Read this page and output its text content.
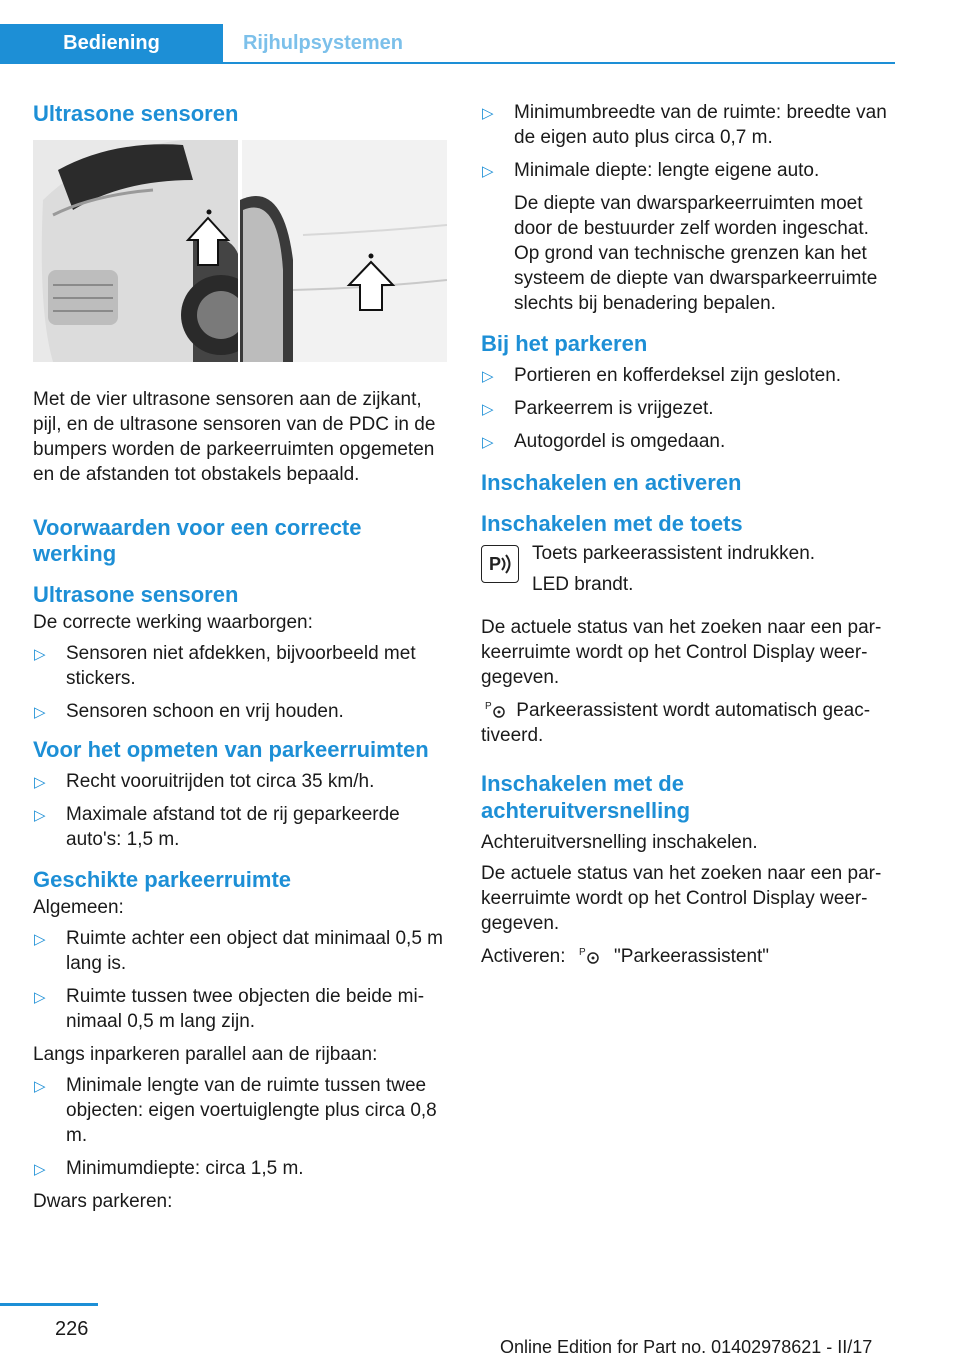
Bediening	Rijhulpsystemen
Ultrasone sensoren

Met de vier ultrasone sensoren aan de zijkant, pijl, en de ultrasone sensoren van de PDC in de bumpers worden de parkeerruimten opgemeten en de afstanden tot obstakels bepaald.

Voorwaarden voor een correcte werking
Ultrasone sensoren

De correcte werking waarborgen:

▷ Sensoren niet afdekken, bijvoorbeeld met stickers.
▷ Sensoren schoon en vrij houden.
Voor het opmeten van parkeerruimten
▷ Recht vooruitrijden tot circa 35 km/h.
▷ Maximale afstand tot de rij geparkeerde auto's: 1,5 m.
Geschikte parkeerruimte

Algemeen:

▷ Ruimte achter een object dat minimaal 0,5 m lang is.
▷ Ruimte tussen twee objecten die beide minimaal 0,5 m lang zijn.

Langs inparkeren parallel aan de rijbaan:

▷ Minimale lengte van de ruimte tussen twee objecten: eigen voertuiglengte plus circa 0,8 m.
▷ Minimumdiepte: circa 1,5 m.

Dwars parkeren:

▷ Minimumbreedte van de ruimte: breedte van de eigen auto plus circa 0,7 m.
▷ Minimale diepte: lengte eigene auto.
De diepte van dwarsparkeerruimten moet door de bestuurder zelf worden ingeschat. Op grond van technische grenzen kan het systeem de diepte van dwarsparkeerruimte slechts bij benadering bepalen.
Bij het parkeren
▷ Portieren en kofferdeksel zijn gesloten.
▷ Parkeerrem is vrijgezet.
▷ Autogordel is omgedaan.
Inschakelen en activeren
Inschakelen met de toets
P Toets parkeerassistent indrukken.

LED brandt.

De actuele status van het zoeken naar een parkeerruimte wordt op het Control Display weergegeven.

P Parkeerassistent wordt automatisch geactiveerd.

Inschakelen met de achteruitversnelling

Achteruitversnelling inschakelen.

De actuele status van het zoeken naar een parkeerruimte wordt op het Control Display weergegeven.

Activeren: P "Parkeerassistent"

226
Online Edition for Part no. 01402978621 - II/17
